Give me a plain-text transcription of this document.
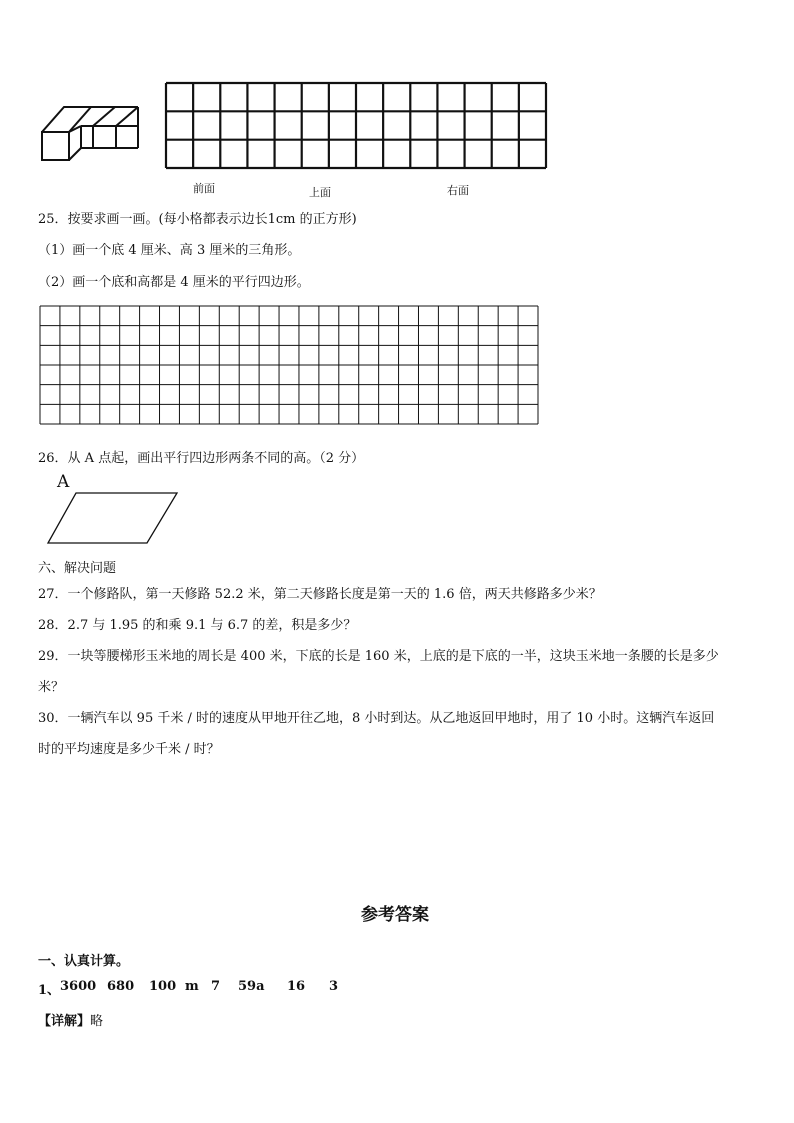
前面	上面	右面
25．按要求画一画。(每小格都表示边长1cm 的正方形)
（1）画一个底 4 厘米、高 3 厘米的三角形。
（2）画一个底和高都是 4 厘米的平行四边形。
26．从 A 点起，画出平行四边形两条不同的高。（2 分）
A
六、解决问题
27．一个修路队，第一天修路 52.2 米，第二天修路长度是第一天的 1.6 倍，两天共修路多少米？
28．2.7 与 1.95 的和乘 9.1 与 6.7 的差，积是多少？
29．一块等腰梯形玉米地的周长是 400 米，下底的长是 160 米，上底的是下底的一半，这块玉米地一条腰的长是多少
米？
30．一辆汽车以 95 千米 / 时的速度从甲地开往乙地，8 小时到达。从乙地返回甲地时，用了 10 小时。这辆汽车返回
时的平均速度是多少千米 / 时？
参考答案
一、认真计算。
1、 3600 680 100 m 7 59a 16 3
【详解】略
